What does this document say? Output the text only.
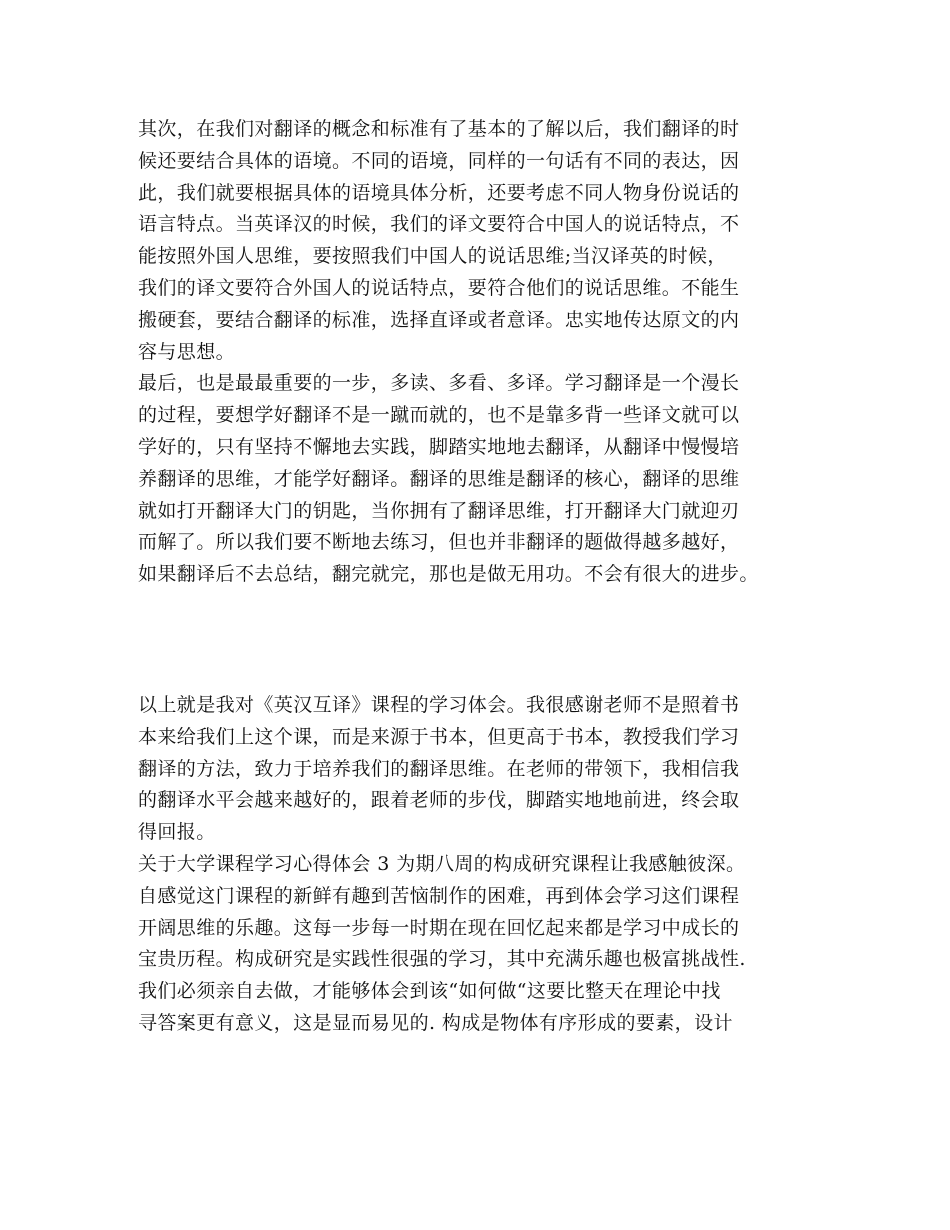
其次，在我们对翻译的概念和标准有了基本的了解以后，我们翻译的时
候还要结合具体的语境。不同的语境，同样的一句话有不同的表达，因
此，我们就要根据具体的语境具体分析，还要考虑不同人物身份说话的
语言特点。当英译汉的时候，我们的译文要符合中国人的说话特点，不
能按照外国人思维，要按照我们中国人的说话思维;当汉译英的时候，
我们的译文要符合外国人的说话特点，要符合他们的说话思维。不能生
搬硬套，要结合翻译的标准，选择直译或者意译。忠实地传达原文的内
容与思想。
最后，也是最最重要的一步，多读、多看、多译。学习翻译是一个漫长
的过程，要想学好翻译不是一蹴而就的，也不是靠多背一些译文就可以
学好的，只有坚持不懈地去实践，脚踏实地地去翻译，从翻译中慢慢培
养翻译的思维，才能学好翻译。翻译的思维是翻译的核心，翻译的思维
就如打开翻译大门的钥匙，当你拥有了翻译思维，打开翻译大门就迎刃
而解了。所以我们要不断地去练习，但也并非翻译的题做得越多越好，
如果翻译后不去总结，翻完就完，那也是做无用功。不会有很大的进步。
以上就是我对《英汉互译》课程的学习体会。我很感谢老师不是照着书
本来给我们上这个课，而是来源于书本，但更高于书本，教授我们学习
翻译的方法，致力于培养我们的翻译思维。在老师的带领下，我相信我
的翻译水平会越来越好的，跟着老师的步伐，脚踏实地地前进，终会取
得回报。
关于大学课程学习心得体会 3 为期八周的构成研究课程让我感触彼深。
自感觉这门课程的新鲜有趣到苦恼制作的困难，再到体会学习这们课程
开阔思维的乐趣。这每一步每一时期在现在回忆起来都是学习中成长的
宝贵历程。构成研究是实践性很强的学习，其中充满乐趣也极富挑战性.
我们必须亲自去做，才能够体会到该“如何做“这要比整天在理论中找
寻答案更有意义，这是显而易见的. 构成是物体有序形成的要素，设计
